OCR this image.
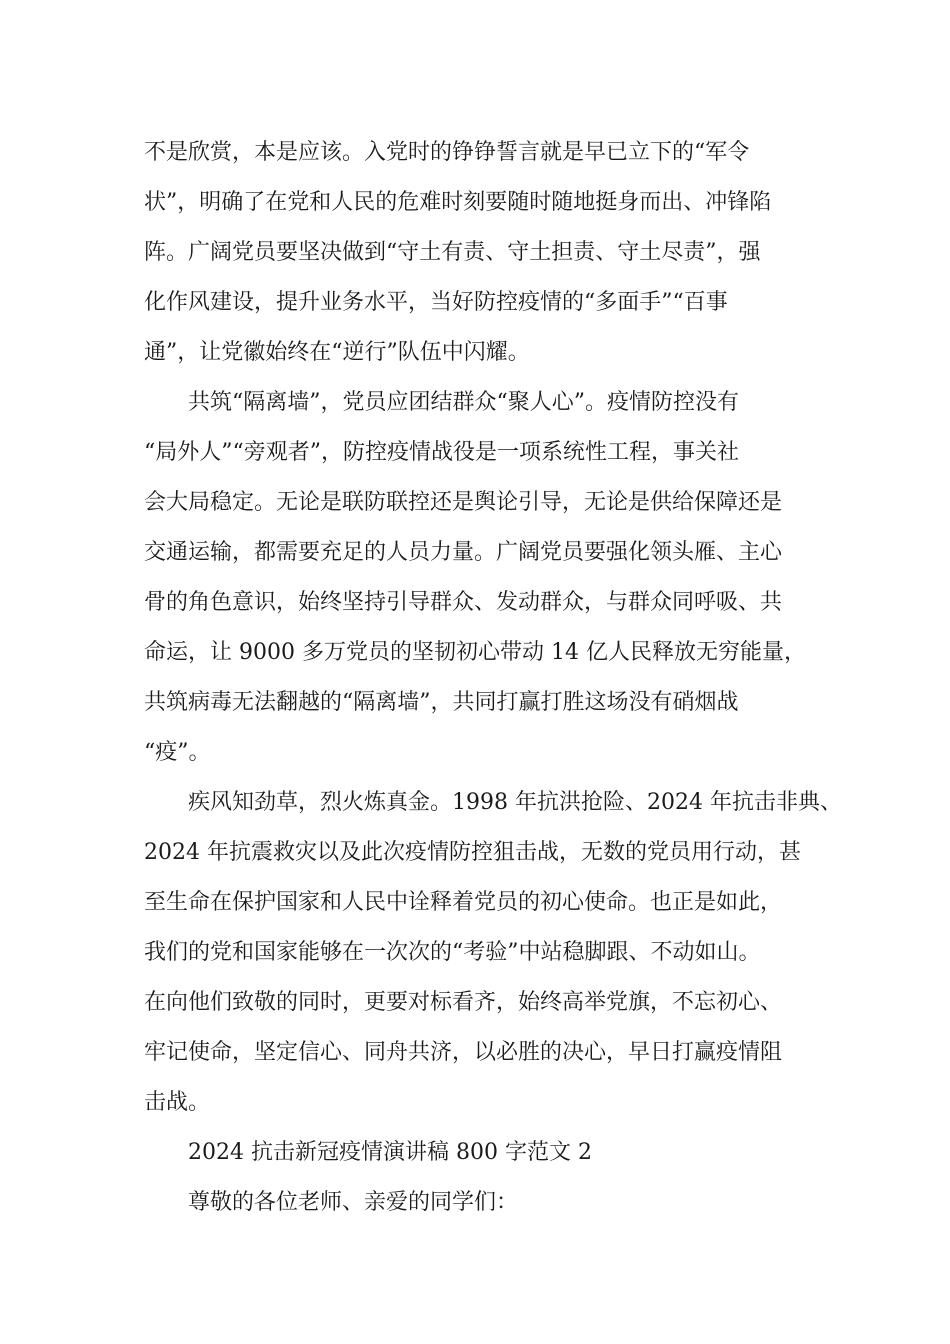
不是欣赏，本是应该。入党时的铮铮誓言就是早已立下的“军令
状”，明确了在党和人民的危难时刻要随时随地挺身而出、冲锋陷
阵。广阔党员要坚决做到“守土有责、守土担责、守土尽责”，强
化作风建设，提升业务水平，当好防控疫情的“多面手”“百事
通”，让党徽始终在“逆行”队伍中闪耀。
共筑“隔离墙”，党员应团结群众“聚人心”。疫情防控没有
“局外人”“旁观者”，防控疫情战役是一项系统性工程，事关社
会大局稳定。无论是联防联控还是舆论引导，无论是供给保障还是
交通运输，都需要充足的人员力量。广阔党员要强化领头雁、主心
骨的角色意识，始终坚持引导群众、发动群众，与群众同呼吸、共
命运，让 9000 多万党员的坚韧初心带动 14 亿人民释放无穷能量，
共筑病毒无法翻越的“隔离墙”，共同打赢打胜这场没有硝烟战
“疫”。
疾风知劲草，烈火炼真金。1998 年抗洪抢险、2024 年抗击非典、
2024 年抗震救灾以及此次疫情防控狙击战，无数的党员用行动，甚
至生命在保护国家和人民中诠释着党员的初心使命。也正是如此，
我们的党和国家能够在一次次的“考验”中站稳脚跟、不动如山。
在向他们致敬的同时，更要对标看齐，始终高举党旗，不忘初心、
牢记使命，坚定信心、同舟共济，以必胜的决心，早日打赢疫情阻
击战。
2024 抗击新冠疫情演讲稿 800 字范文 2
尊敬的各位老师、亲爱的同学们：
